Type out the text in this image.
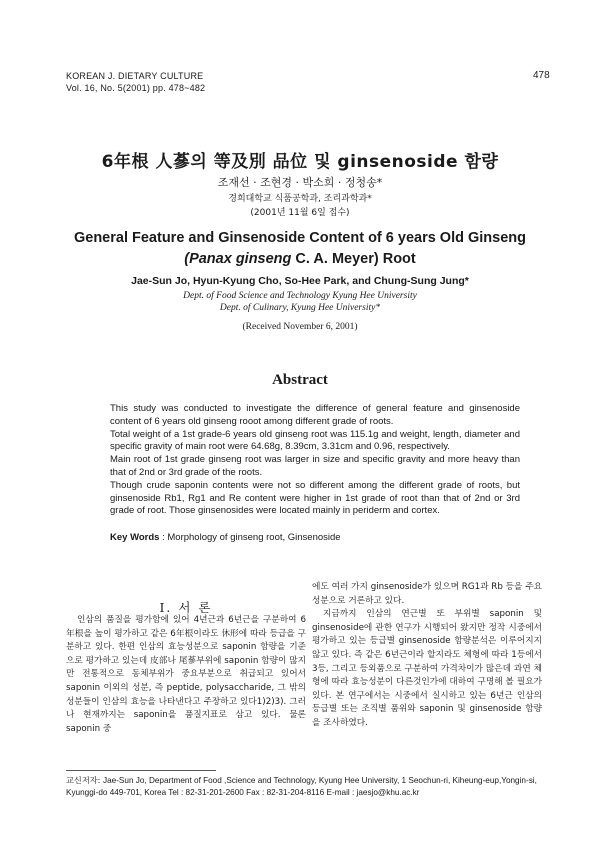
KOREAN J. DIETARY CULTURE
Vol. 16, No. 5(2001) pp. 478~482
478
6年根 人蔘의 等及別 品位 및 ginsenoside 함량
조재선 · 조현경 · 박소희 · 정청송*
경희대학교 식품공학과, 조리과학과*
(2001년 11월 6일 접수)
General Feature and Ginsenoside Content of 6 years Old Ginseng
(Panax ginseng C. A. Meyer) Root
Jae-Sun Jo, Hyun-Kyung Cho, So-Hee Park, and Chung-Sung Jung*
Dept. of Food Science and Technology Kyung Hee University
Dept. of Culinary, Kyung Hee University*
(Received November 6, 2001)
Abstract

This study was conducted to investigate the difference of general feature and ginsenoside content of 6 years old ginseng rooot among different grade of roots.

Total weight of a 1st grade-6 years old ginseng root was 115.1g and weight, length, diameter and specific gravity of main root were 64.68g, 8.39cm, 3.31cm and 0.96, respectively.

Main root of 1st grade ginseng root was larger in size and specific gravity and more heavy than that of 2nd or 3rd grade of the roots.

Though crude saponin contents were not so different among the different grade of roots, but ginsenoside Rb1, Rg1 and Re content were higher in 1st grade of root than that of 2nd or 3rd grade of root. Those ginsenosides were located mainly in periderm and cortex.

Key Words : Morphology of ginseng root, Ginsenoside
I. 서 론

인삼의 품질을 평가함에 있어 4년근과 6년근을 구분하여 6年根을 높이 평가하고 같은 6年根이라도 休形에 따라 등급을 구분하고 있다. 한편 인삼의 효능성분으로 saponin 함량을 기준으로 평가하고 있는데 皮部나 尾蔘부위에 saponin 함량이 많지만 전통적으로 동체부위가 중요부분으로 취급되고 있어서 saponin 이외의 성분, 즉 peptide, polysaccharide, 그 밖의 성분들이 인삼의 효능을 나타낸다고 주장하고 있다1)2)3). 그러나 현재까지는 saponin을 품질지표로 삼고 있다. 물론 saponin 중

에도 여러 가지 ginsenoside가 있으며 RG1과 Rb 등을 주요 성분으로 거론하고 있다.

지금까지 인삼의 연근별 또 부위별 saponin 및 ginsenoside에 관한 연구가 시행되어 왔지만 정작 시중에서 평가하고 있는 등급별 ginsenoside 함량분석은 이루어지지 않고 있다. 즉 같은 6년근이라 할지라도 체형에 따라 1등에서 3등, 그리고 등외품으로 구분하여 가격차이가 많은데 과연 체형에 따라 효능성분이 다른것인가에 대하여 구명해 볼 필요가 있다. 본 연구에서는 시중에서 실시하고 있는 6년근 인삼의 등급별 또는 조직별 품위와 saponin 및 ginsenoside 함량을 조사하였다.

교신저자: Jae-Sun Jo, Department of Food ,Science and Technology, Kyung Hee University, 1 Seochun-ri, Kiheung-eup,Yongin-si, Kyunggi-do 449-701, Korea Tel : 82-31-201-2600 Fax : 82-31-204-8116 E-mail : jaesjo@khu.ac.kr
